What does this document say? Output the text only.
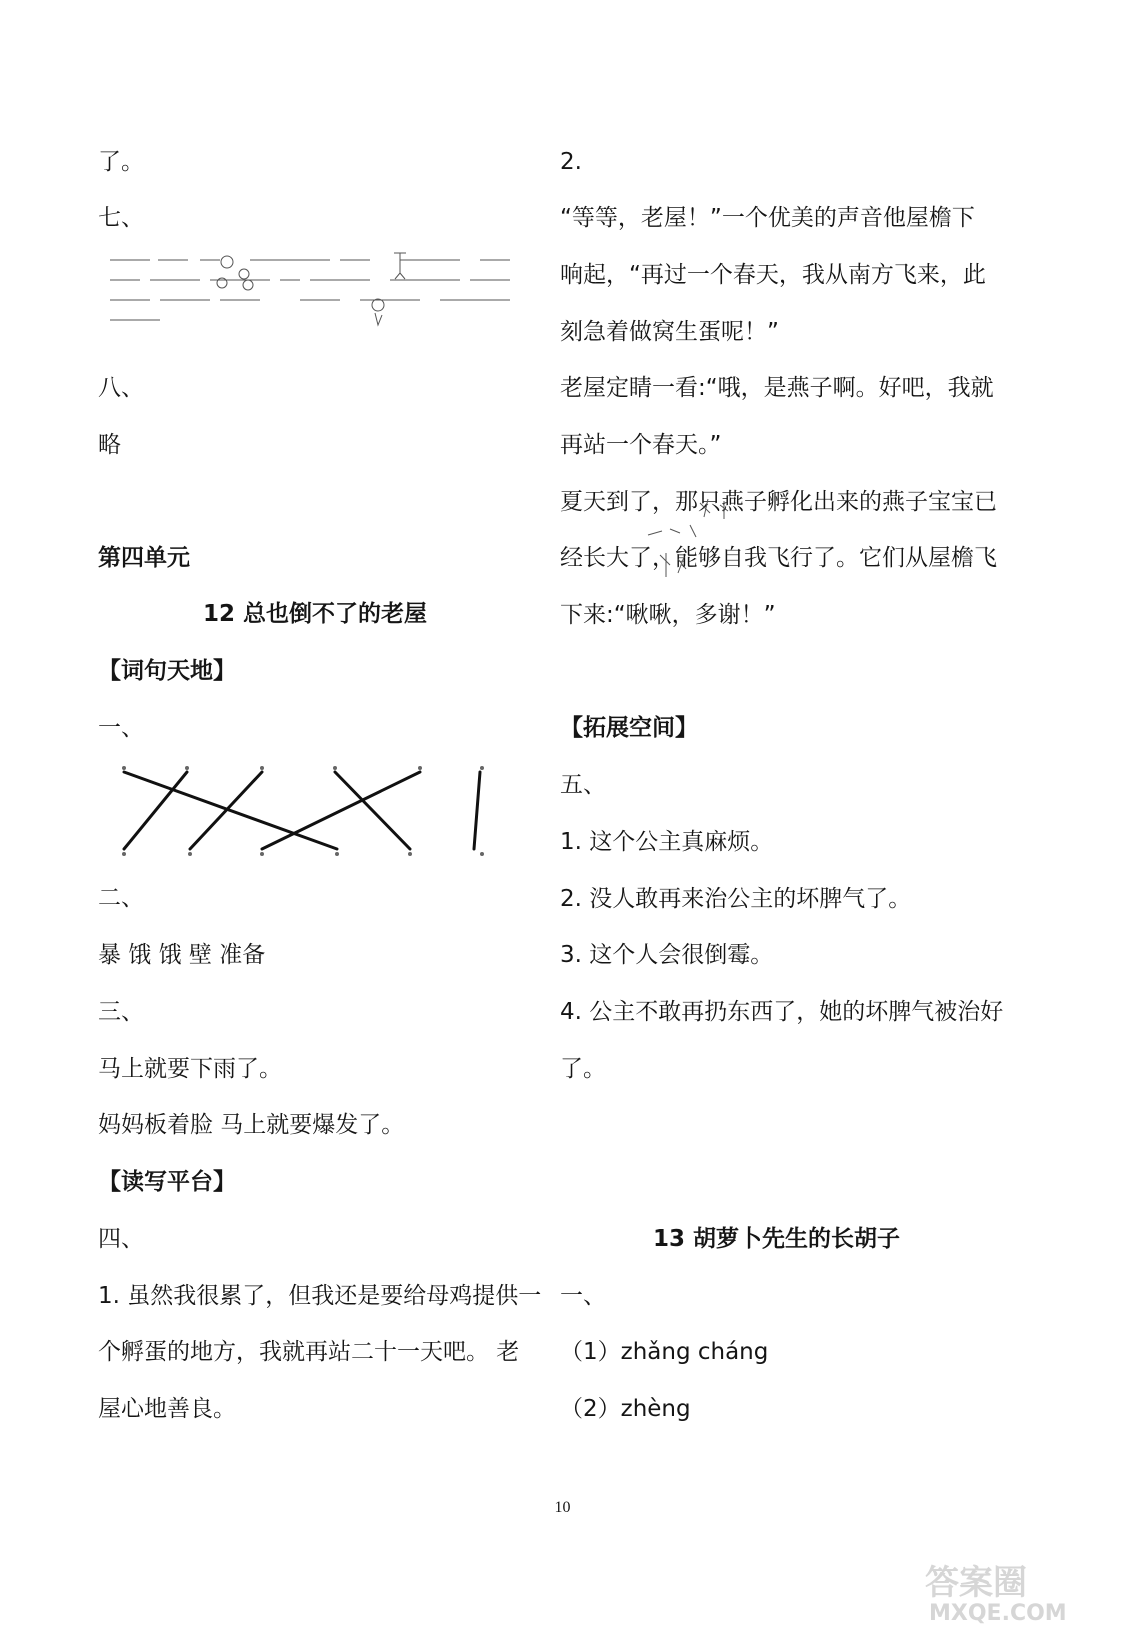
了。
七、
八、
略
第四单元
12 总也倒不了的老屋
【词句天地】
一、
二、
暴 饿 饿 壁 准备
三、
马上就要下雨了。
妈妈板着脸 马上就要爆发了。
【读写平台】
四、
1. 虽然我很累了，但我还是要给母鸡提供一
个孵蛋的地方，我就再站二十一天吧。 老
屋心地善良。
2.
“等等，老屋！”一个优美的声音他屋檐下
响起，“再过一个春天，我从南方飞来，此
刻急着做窝生蛋呢！”
老屋定睛一看:“哦，是燕子啊。好吧，我就
再站一个春天。”
夏天到了，那只燕子孵化出来的燕子宝宝已
经长大了，能够自我飞行了。它们从屋檐飞
下来:“啾啾，多谢！”
【拓展空间】
五、
1. 这个公主真麻烦。
2. 没人敢再来治公主的坏脾气了。
3. 这个人会很倒霉。
4. 公主不敢再扔东西了，她的坏脾气被治好
了。
13 胡萝卜先生的长胡子
一、
（1）zhǎng cháng
（2）zhèng
10
答案圈
MXQE.COM
